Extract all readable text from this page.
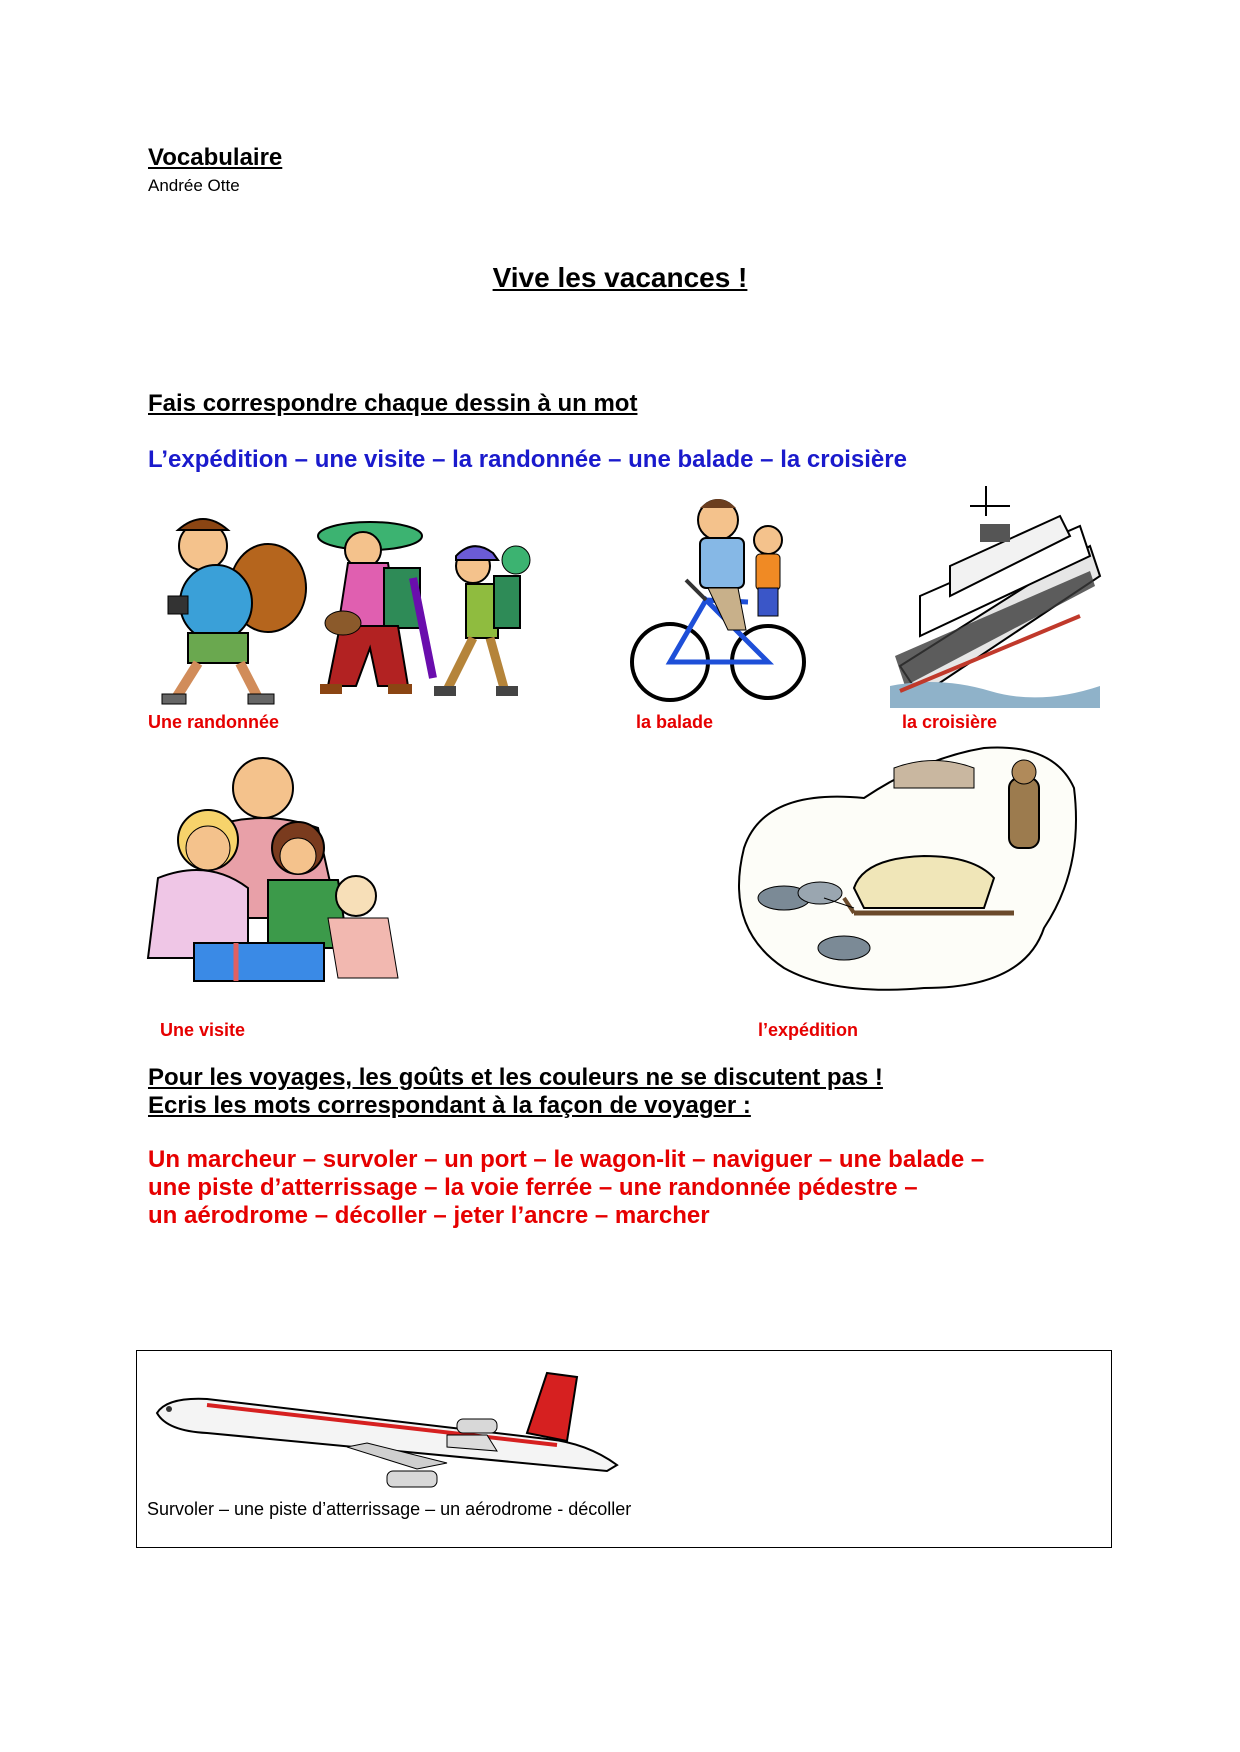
Vocabulaire
Andrée Otte
Vive les vacances !
Fais correspondre chaque dessin à un mot
L’expédition – une visite – la randonnée – une balade – la croisière
Une randonnée	la balade	la croisière
Une visite	l’expédition
Pour les voyages, les goûts et les couleurs ne se discutent pas !
Ecris les mots correspondant à la façon de voyager :
Un marcheur – survoler – un port – le wagon-lit – naviguer – une balade –
une piste d’atterrissage – la voie ferrée – une randonnée pédestre –
un aérodrome – décoller – jeter l’ancre – marcher
Survoler – une piste d’atterrissage – un aérodrome - décoller
